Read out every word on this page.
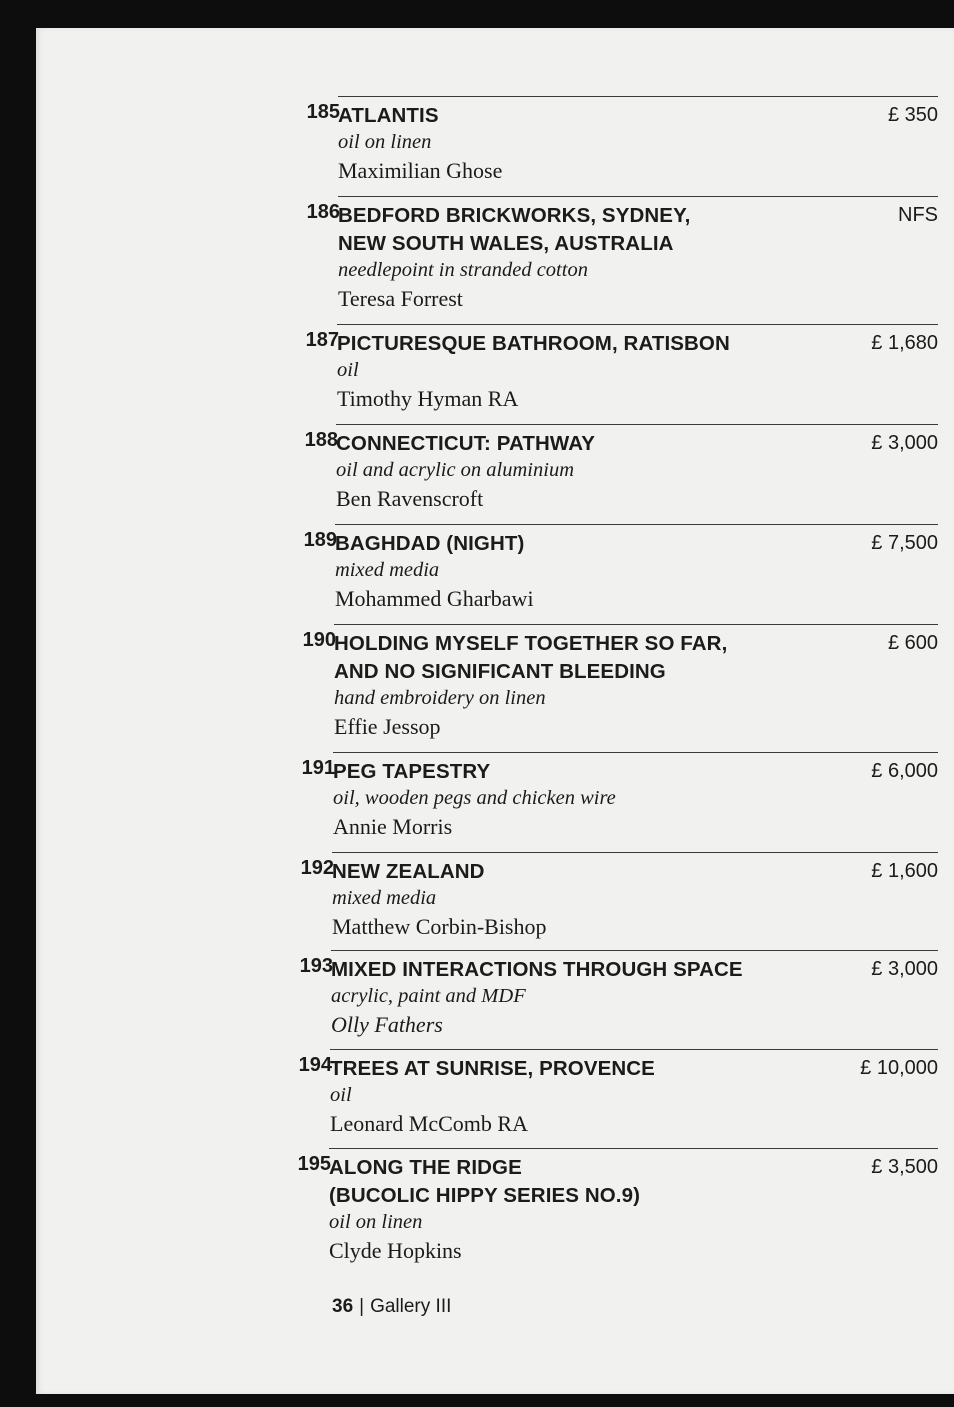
185
ATLANTIS
oil on linen
Maximilian Ghose
£ 350
186
BEDFORD BRICKWORKS, SYDNEY,
NEW SOUTH WALES, AUSTRALIA
needlepoint in stranded cotton
Teresa Forrest
NFS
187
PICTURESQUE BATHROOM, RATISBON
oil
Timothy Hyman RA
£ 1,680
188
CONNECTICUT: PATHWAY
oil and acrylic on aluminium
Ben Ravenscroft
£ 3,000
189
BAGHDAD (NIGHT)
mixed media
Mohammed Gharbawi
£ 7,500
190
HOLDING MYSELF TOGETHER SO FAR,
AND NO SIGNIFICANT BLEEDING
hand embroidery on linen
Effie Jessop
£ 600
191
PEG TAPESTRY
oil, wooden pegs and chicken wire
Annie Morris
£ 6,000
192
NEW ZEALAND
mixed media
Matthew Corbin-Bishop
£ 1,600
193
MIXED INTERACTIONS THROUGH SPACE
acrylic, paint and MDF
Olly Fathers
£ 3,000
194
TREES AT SUNRISE, PROVENCE
oil
Leonard McComb RA
£ 10,000
195
ALONG THE RIDGE
(BUCOLIC HIPPY SERIES NO.9)
oil on linen
Clyde Hopkins
£ 3,500
36 | Gallery III
